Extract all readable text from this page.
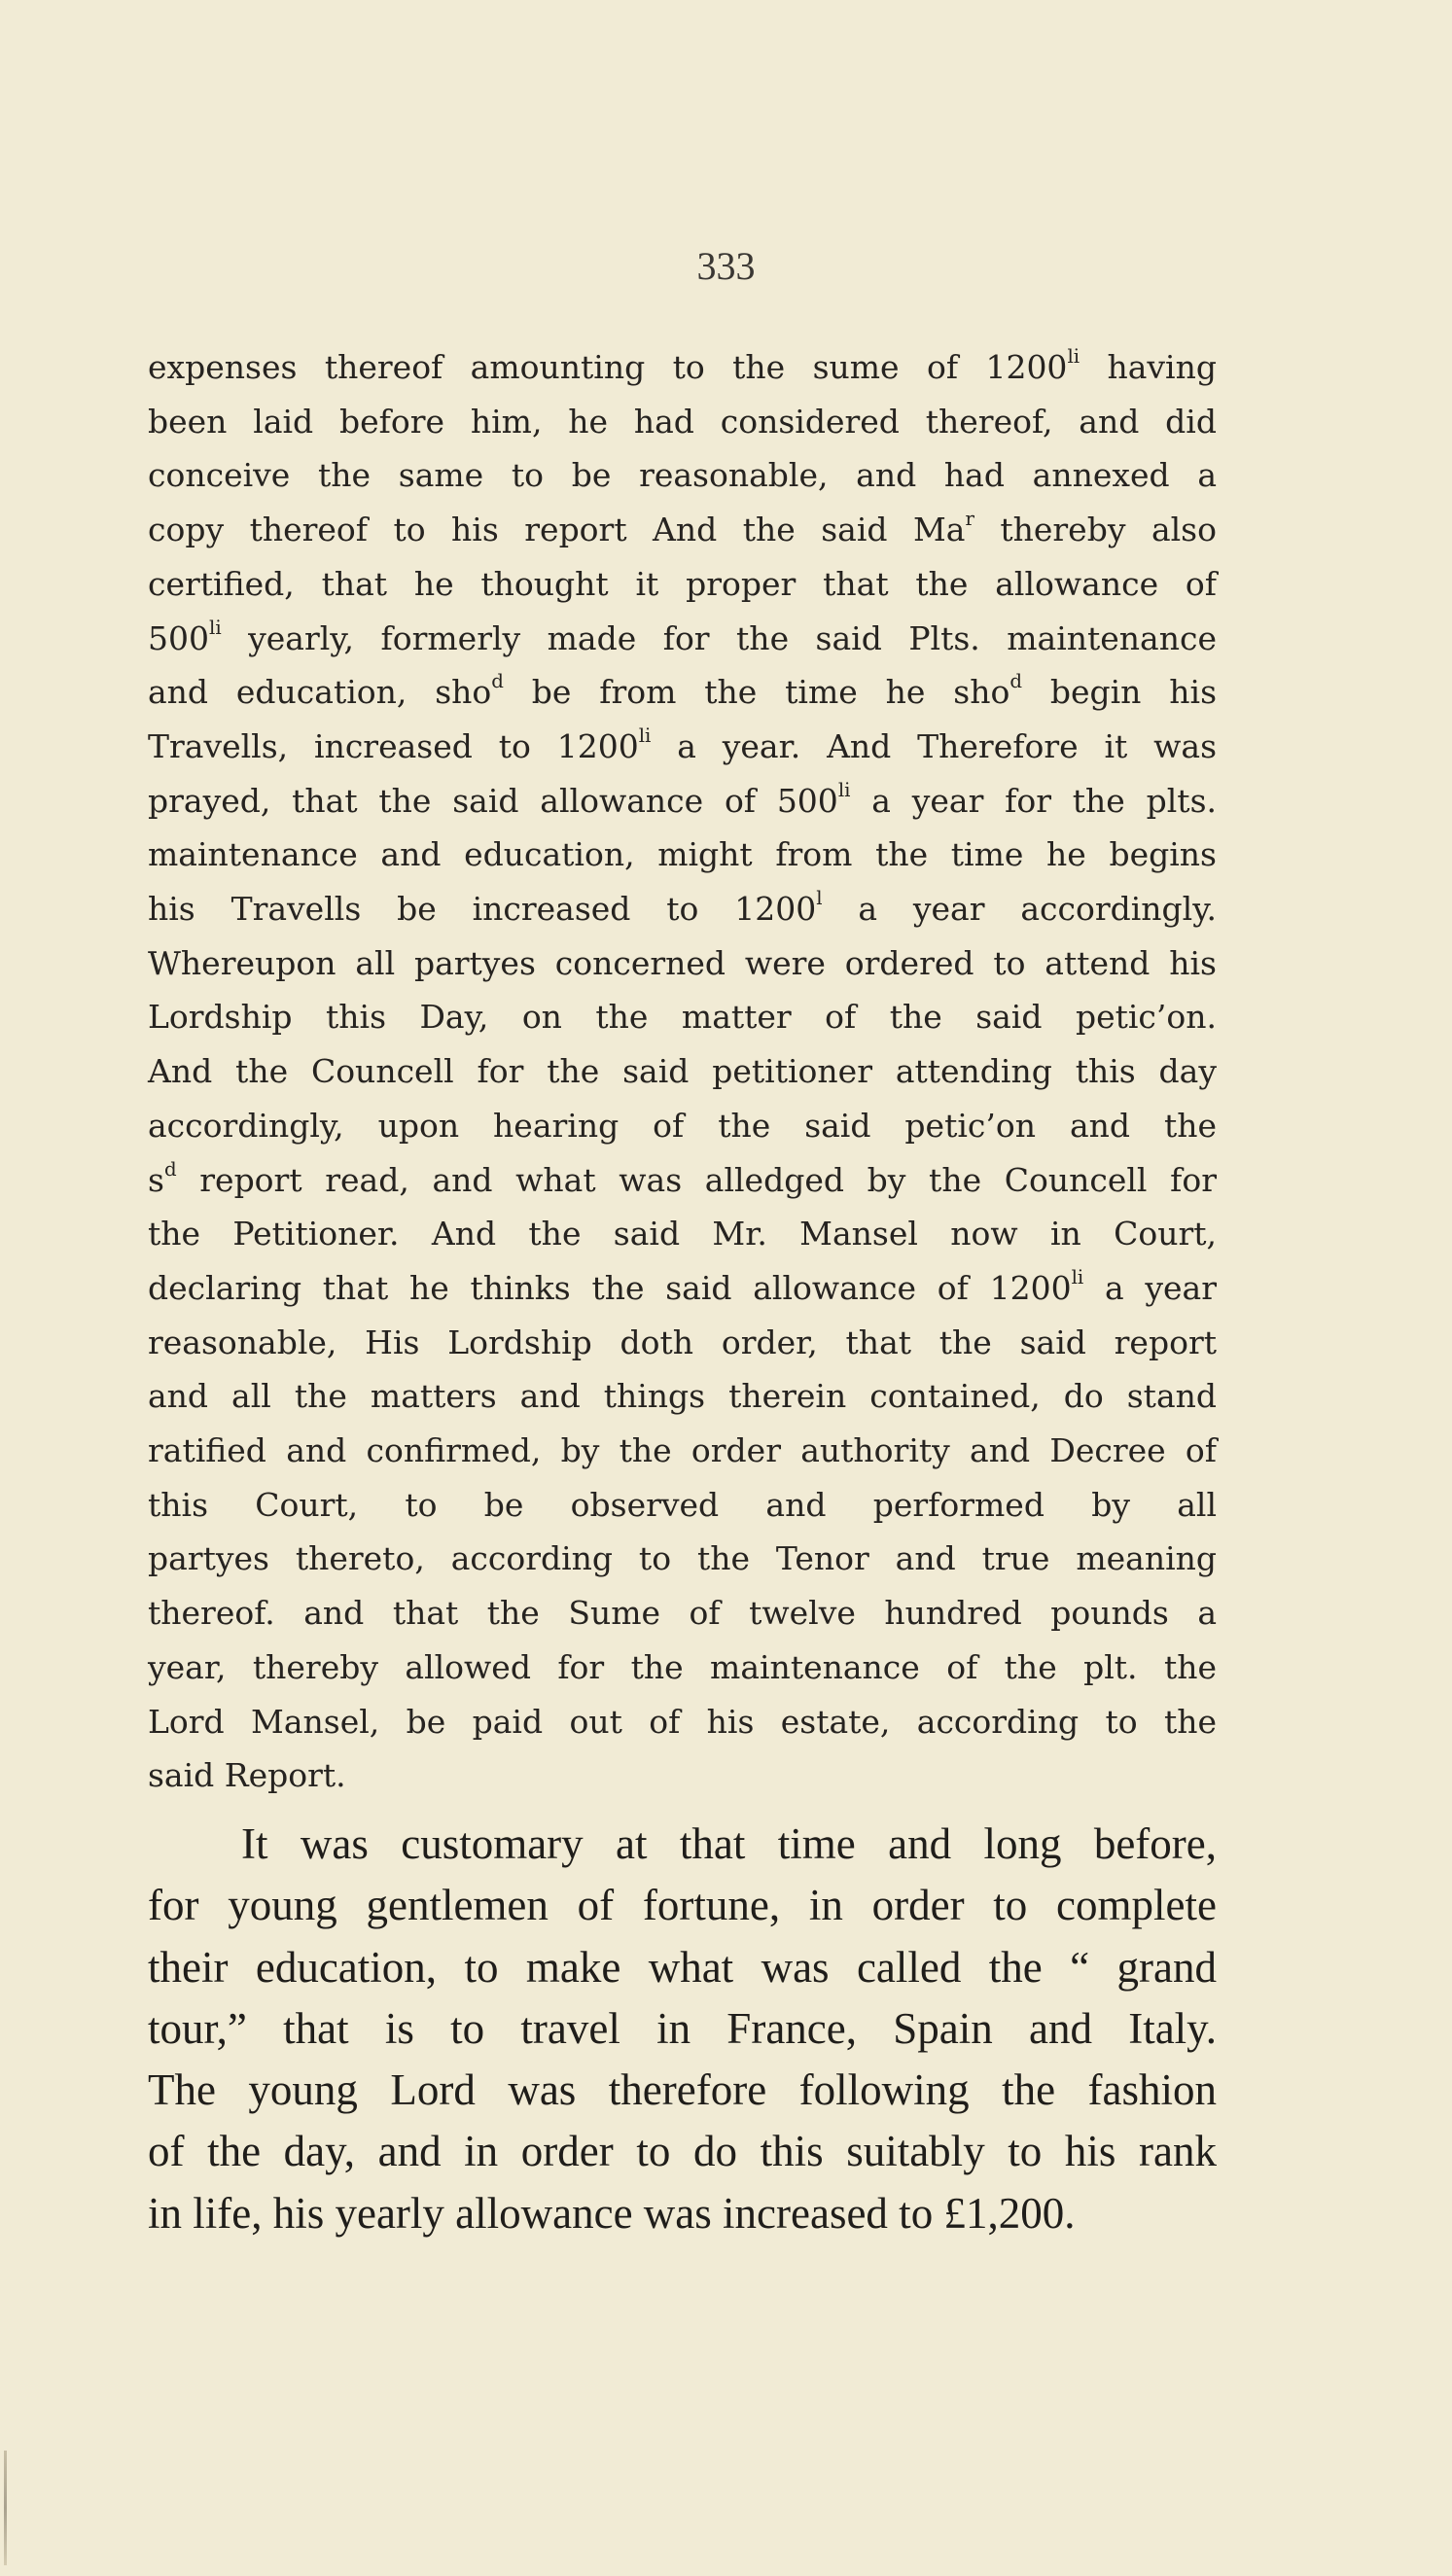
333
expenses thereof amounting to the sume of $1200^{li}$ having
been laid before him, he had considered thereof, and did
conceive the same to be reasonable, and had annexed a
copy thereof to his report And the said Ma$^r$ thereby also
certified, that he thought it proper that the allowance of
$500^{li}$ yearly, formerly made for the said Plts. maintenance
and education, sho$^d$ be from the time he sho$^d$ begin his
Travells, increased to $1200^{li}$ a year. And Therefore it was
prayed, that the said allowance of $500^{li}$ a year for the plts.
maintenance and education, might from the time he begins
his Travells be increased to 1200$^l$ a year accordingly.
Whereupon all partyes concerned were ordered to attend his
Lordship this Day, on the matter of the said petic’on.
And the Councell for the said petitioner attending this day
accordingly, upon hearing of the said petic’on and the
$s^d$ report read, and what was alledged by the Councell for
the Petitioner. And the said Mr. Mansel now in Court,
declaring that he thinks the said allowance of $1200^{li}$ a year
reasonable, His Lordship doth order, that the said report
and all the matters and things therein contained, do stand
ratified and confirmed, by the order authority and Decree of
this Court, to be observed and performed by all
partyes thereto, according to the Tenor and true meaning
thereof. and that the Sume of twelve hundred pounds a
year, thereby allowed for the maintenance of the plt. the
Lord Mansel, be paid out of his estate, according to the
said Report.
It was customary at that time and long before,
for young gentlemen of fortune, in order to complete
their education, to make what was called the “ grand
tour,” that is to travel in France, Spain and Italy.
The young Lord was therefore following the fashion
of the day, and in order to do this suitably to his rank
in life, his yearly allowance was increased to £1,200.
